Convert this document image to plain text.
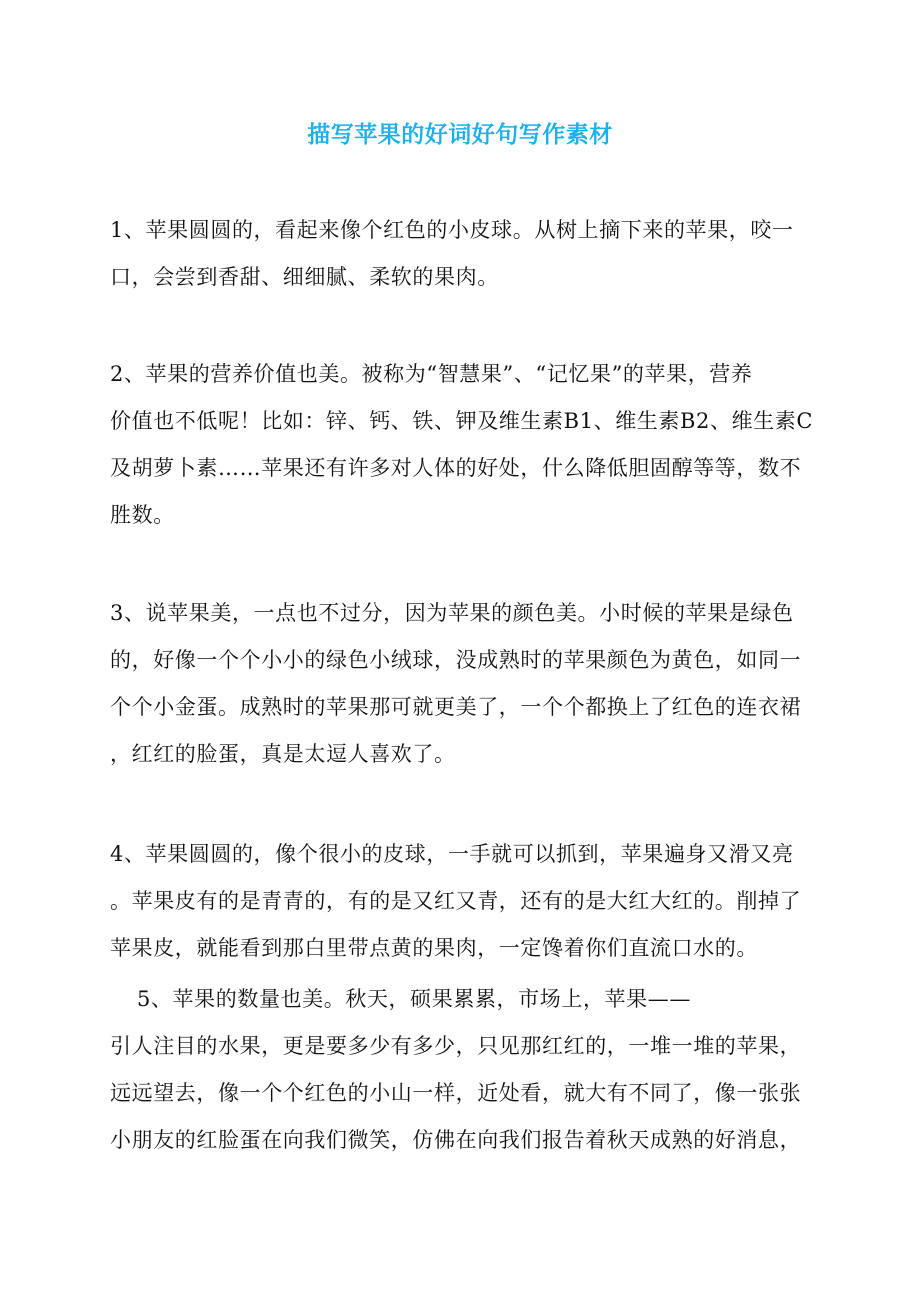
描写苹果的好词好句写作素材
1、苹果圆圆的，看起来像个红色的小皮球。从树上摘下来的苹果，咬一
口，会尝到香甜、细细腻、柔软的果肉。
2、苹果的营养价值也美。被称为“智慧果”、“记忆果”的苹果，营养
价值也不低呢！比如：锌、钙、铁、钾及维生素B1、维生素B2、维生素C
及胡萝卜素……苹果还有许多对人体的好处，什么降低胆固醇等等，数不
胜数。
3、说苹果美，一点也不过分，因为苹果的颜色美。小时候的苹果是绿色
的，好像一个个小小的绿色小绒球，没成熟时的苹果颜色为黄色，如同一
个个小金蛋。成熟时的苹果那可就更美了，一个个都换上了红色的连衣裙
，红红的脸蛋，真是太逗人喜欢了。
4、苹果圆圆的，像个很小的皮球，一手就可以抓到，苹果遍身又滑又亮
。苹果皮有的是青青的，有的是又红又青，还有的是大红大红的。削掉了
苹果皮，就能看到那白里带点黄的果肉，一定馋着你们直流口水的。
5、苹果的数量也美。秋天，硕果累累，市场上，苹果——
引人注目的水果，更是要多少有多少，只见那红红的，一堆一堆的苹果，
远远望去，像一个个红色的小山一样，近处看，就大有不同了，像一张张
小朋友的红脸蛋在向我们微笑，仿佛在向我们报告着秋天成熟的好消息，
